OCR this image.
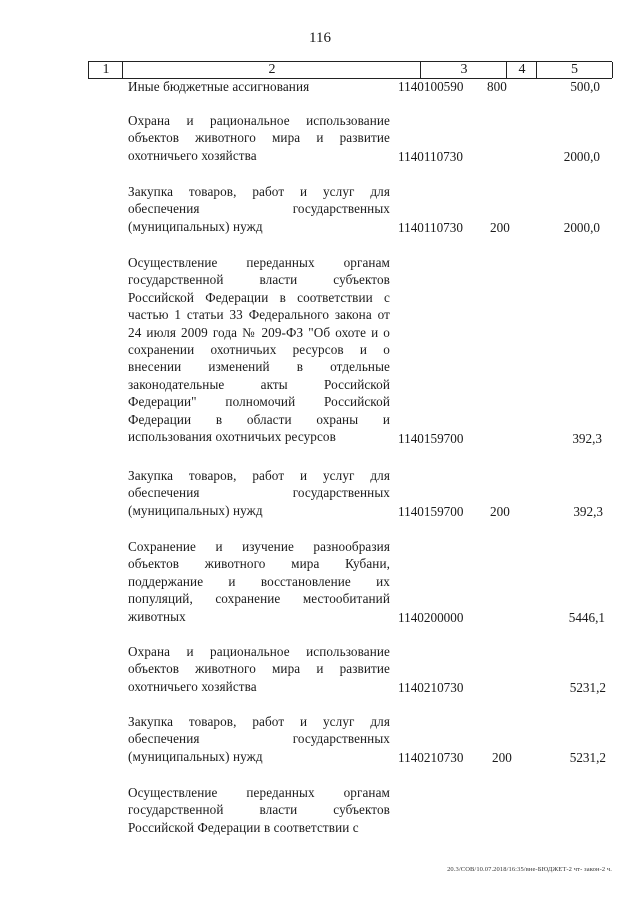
116
1	2	3	4	5
Иные бюджетные ассигнования	1140100590 800	500,0
Охрана и рациональное использование объектов животного мира и развитие охотничьего хозяйства	1140110730	2000,0
Закупка товаров, работ и услуг для обеспечения государственных (муниципальных) нужд	1140110730 200	2000,0
Осуществление переданных органам государственной власти субъектов Российской Федерации в соответствии с частью 1 статьи 33 Федерального закона от 24 июля 2009 года № 209-ФЗ "Об охоте и о сохранении охотничьих ресурсов и о внесении изменений в отдельные законодательные акты Российской Федерации" полномочий Российской Федерации в области охраны и использования охотничьих ресурсов	1140159700	392,3
Закупка товаров, работ и услуг для обеспечения государственных (муниципальных) нужд	1140159700 200	392,3
Сохранение и изучение разнообразия объектов животного мира Кубани, поддержание и восстановление их популяций, сохранение местообитаний животных	1140200000	5446,1
Охрана и рациональное использование объектов животного мира и развитие охотничьего хозяйства	1140210730	5231,2
Закупка товаров, работ и услуг для обеспечения государственных (муниципальных) нужд	1140210730 200	5231,2
Осуществление переданных органам государственной власти субъектов Российской Федерации в соответствии с
20.3/СОВ/10.07.2018/16:35/вне-БЮДЖЕТ-2 чт- закон-2 ч.
